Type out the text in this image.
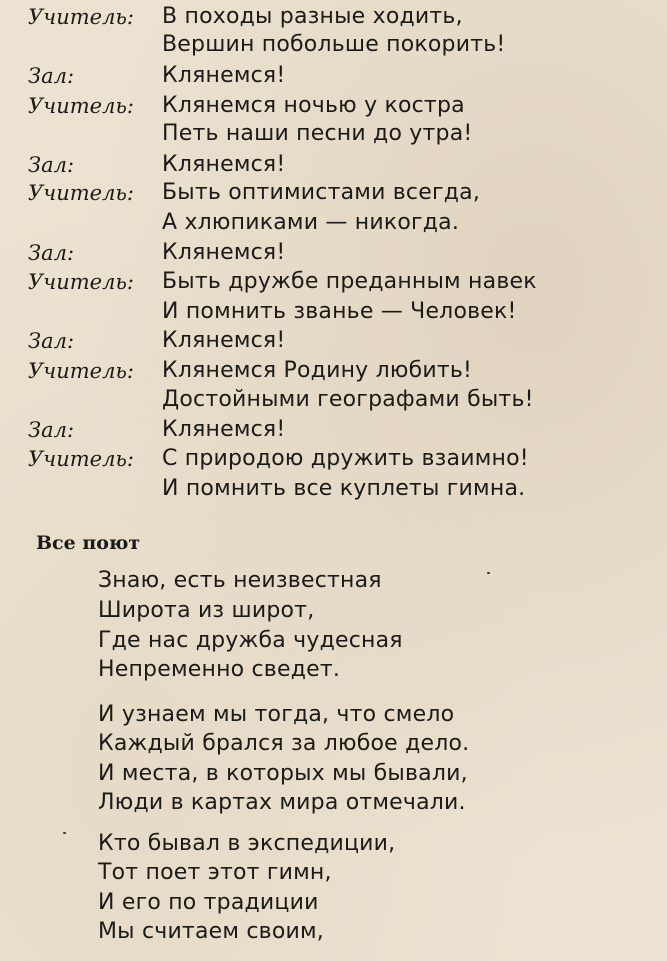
Учитель: В походы разные ходить,
Вершин побольше покорить!
Зал:	Клянемся!
Учитель: Клянемся ночью у костра
Петь наши песни до утра!
Зал:	Клянемся!
Учитель: Быть оптимистами всегда,
А хлюпиками — никогда.
Зал:	Клянемся!
Учитель: Быть дружбе преданным навек
И помнить званье — Человек!
Зал:	Клянемся!
Учитель: Клянемся Родину любить!
Достойными географами быть!
Зал:	Клянемся!
Учитель: С природою дружить взаимно!
И помнить все куплеты гимна.
Все поют
Знаю, есть неизвестная
Широта из широт,
Где нас дружба чудесная
Непременно сведет.
И узнаем мы тогда, что смело
Каждый брался за любое дело.
И места, в которых мы бывали,
Люди в картах мира отмечали.
Кто бывал в экспедиции,
Тот поет этот гимн,
И его по традиции
Мы считаем своим,
